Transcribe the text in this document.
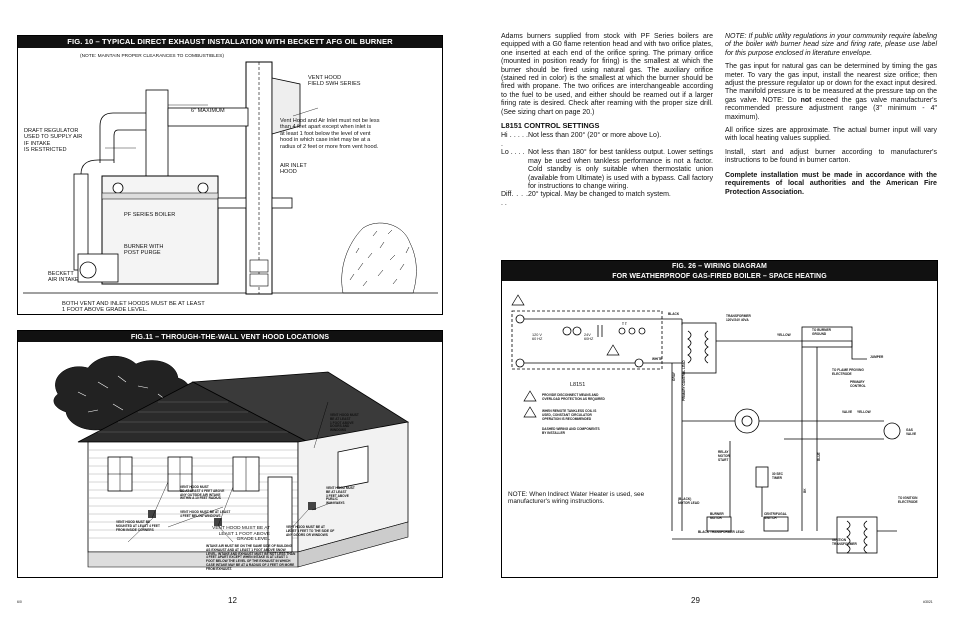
FIG. 10 – TYPICAL DIRECT EXHAUST INSTALLATION WITH BECKETT AFG OIL BURNER
(NOTE: MAINTAIN PROPER CLEARANCES TO COMBUSTIBLES)
VENT HOOD
FIELD SWH SERIES
6" MAXIMUM
Vent Hood and Air Inlet must not be less
than 4 feet apart except when inlet is
at least 1 foot below the level of vent
hood in which case inlet may be at a
radius of 2 feet or more from vent hood.
DRAFT REGULATOR
USED TO SUPPLY AIR
IF INTAKE
IS RESTRICTED
AIR INLET
HOOD
PF SERIES BOILER
BURNER WITH
POST PURGE
BECKETT
AIR INTAKE
BOTH VENT AND INLET HOODS MUST BE AT LEAST
1 FOOT ABOVE GRADE LEVEL.
FIG.11 – THROUGH-THE-WALL VENT HOOD LOCATIONS
VENT HOOD MUST
BE AT LEAST
1 FOOT ABOVE
DOORS AND
WINDOWS
VENT HOOD MUST
BE AT LEAST 4 FEET ABOVE
ANY OUTSIDE AIR INTAKE
WITHIN A 10 FEET RADIUS
VENT HOOD MUST
BE AT LEAST
3 FEET ABOVE
PUBLIC
WALKWAYS
VENT HOOD MUST BE AT LEAST
4 FEET BELOW WINDOWS
VENT HOOD MUST BE
MOUNTED AT LEAST 4 FEET
FROM INSIDE CORNERS	VENT HOOD MUST BE AT
LEAST 1 FOOT ABOVE
GRADE LEVEL
VENT HOOD MUST BE AT
LEAST 4 FEET TO THE SIDE OF
ANY DOORS OR WINDOWS
INTAKE AIR MUST BE ON THE SAME SIDE OF BUILDING
AS EXHAUST AND AT LEAST 1 FOOT ABOVE SNOW
LEVEL. INTAKE AND EXHAUST MUST BE NOT LESS THAN
4 FEET APART EXCEPT WHEN INTAKE IS AT LEAST 1
FOOT BELOW THE LEVEL OF THE EXHAUST IN WHICH
CASE INTAKE MAY BE AT A RADIUS OF 2 FEET OR MORE
FROM EXHAUST.
12
6/0

Adams burners supplied from stock with PF Series boilers are equipped with a G0 flame retention head and with two orifice plates, one inserted at each end of the orifice spring. The primary orifice (mounted in position ready for firing) is the smallest at which the burner should be fired using natural gas. The auxiliary orifice (stained red in color) is the smallest at which the burner should be fired with propane. The two orifices are interchangeable according to the fuel to be used, and either should be reamed out if a larger firing rate is desired. Check after reaming with the proper size drill. (See sizing chart on page 20.)

L8151 CONTROL SETTINGS
Hi . . . . . .
Not less than 200° (20° or more above Lo).
Lo . . . . Not less than 180° for best tankless output. Lower settings may be used when tankless performance is not a factor. Cold standby is only suitable when thermostatic union (available from Ultimate) is used with a bypass. Call factory for instructions to change wiring.
Diff. . . . . .
20° typical. May be changed to match system.

NOTE: If public utility regulations in your community require labeling of the boiler with burner head size and firing rate, please use label for this purpose enclosed in literature envelope.

The gas input for natural gas can be determined by timing the gas meter. To vary the gas input, install the nearest size orifice; then adjust the pressure regulator up or down for the exact input desired. The manifold pressure is to be measured at the pressure tap on the gas valve. NOTE: Do not exceed the gas valve manufacturer's recommended pressure adjustment range (3" minimum - 4" maximum).

All orifice sizes are approximate. The actual burner input will vary with local heating values supplied.

Install, start and adjust burner according to manufacturer's instructions to be found in burner carton.

Complete installation must be made in accordance with the requirements of local authorities and the American Fire Protection Association.

FIG. 26 – WIRING DIAGRAM
FOR WEATHERPROOF GAS-FIRED BOILER – SPACE HEATING
120 V
60 HZ
24V
60HZ
L8151
PROVIDE DISCONNECT MEANS AND
OVERLOAD PROTECTION AS REQUIRED
WHEN REMOTE TANKLESS COIL IS
USED, CONSTANT CIRCULATOR
OPERATION IS RECOMMENDED
DASHED WIRING AND COMPONENTS
BY INSTALLER
NOTE: When Indirect Water Heater is used, see
manufacturer's wiring instructions.
BLACK	TRANSFORMER
120V/24V 40VA
WHITE
T T
YELLOW
TO BURNER
GROUND
JUMPER
TO FLAME PROVING
ELECTRODE
PRIMARY
CONTROL
VALVE YELLOW
GAS
VALVE
RELAY
MOTOR
START
30 SEC
TIMER
(BLACK)
MOTOR LEAD
BURNER
MOTOR
CENTRIFUGAL
SWITCH
BLACK TRANSFORMER LEAD
IGNITION
TRANSFORMER
TO IGNITION
ELECTRODE
PRIMARY CONTROL LEAD
GRAY
BLUE
BK
29	#3021
